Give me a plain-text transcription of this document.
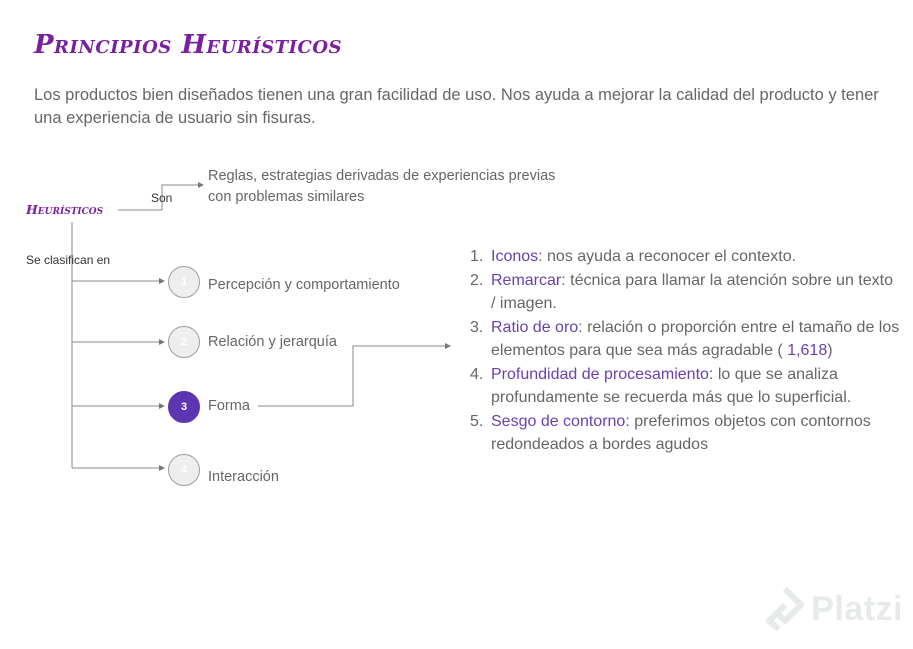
Principios Heurísticos
Los productos bien diseñados tienen una gran facilidad de uso. Nos ayuda a mejorar la calidad del producto y tener una experiencia de usuario sin fisuras.
Heurísticos
Son
Reglas, estrategias derivadas de experiencias previas
con problemas similares
Se clasifican en
1	Percepción y comportamiento
2	Relación y jerarquía
3	Forma
4	Interacción
1. Iconos: nos ayuda a reconocer el contexto.
2. Remarcar: técnica para llamar la atención sobre un texto / imagen.
3. Ratio de oro: relación o proporción entre el tamaño de los elementos para que sea más agradable ( 1,618)
4. Profundidad de procesamiento: lo que se analiza profundamente se recuerda más que lo superficial.
5. Sesgo de contorno: preferimos objetos con contornos redondeados a bordes agudos
Platzi
